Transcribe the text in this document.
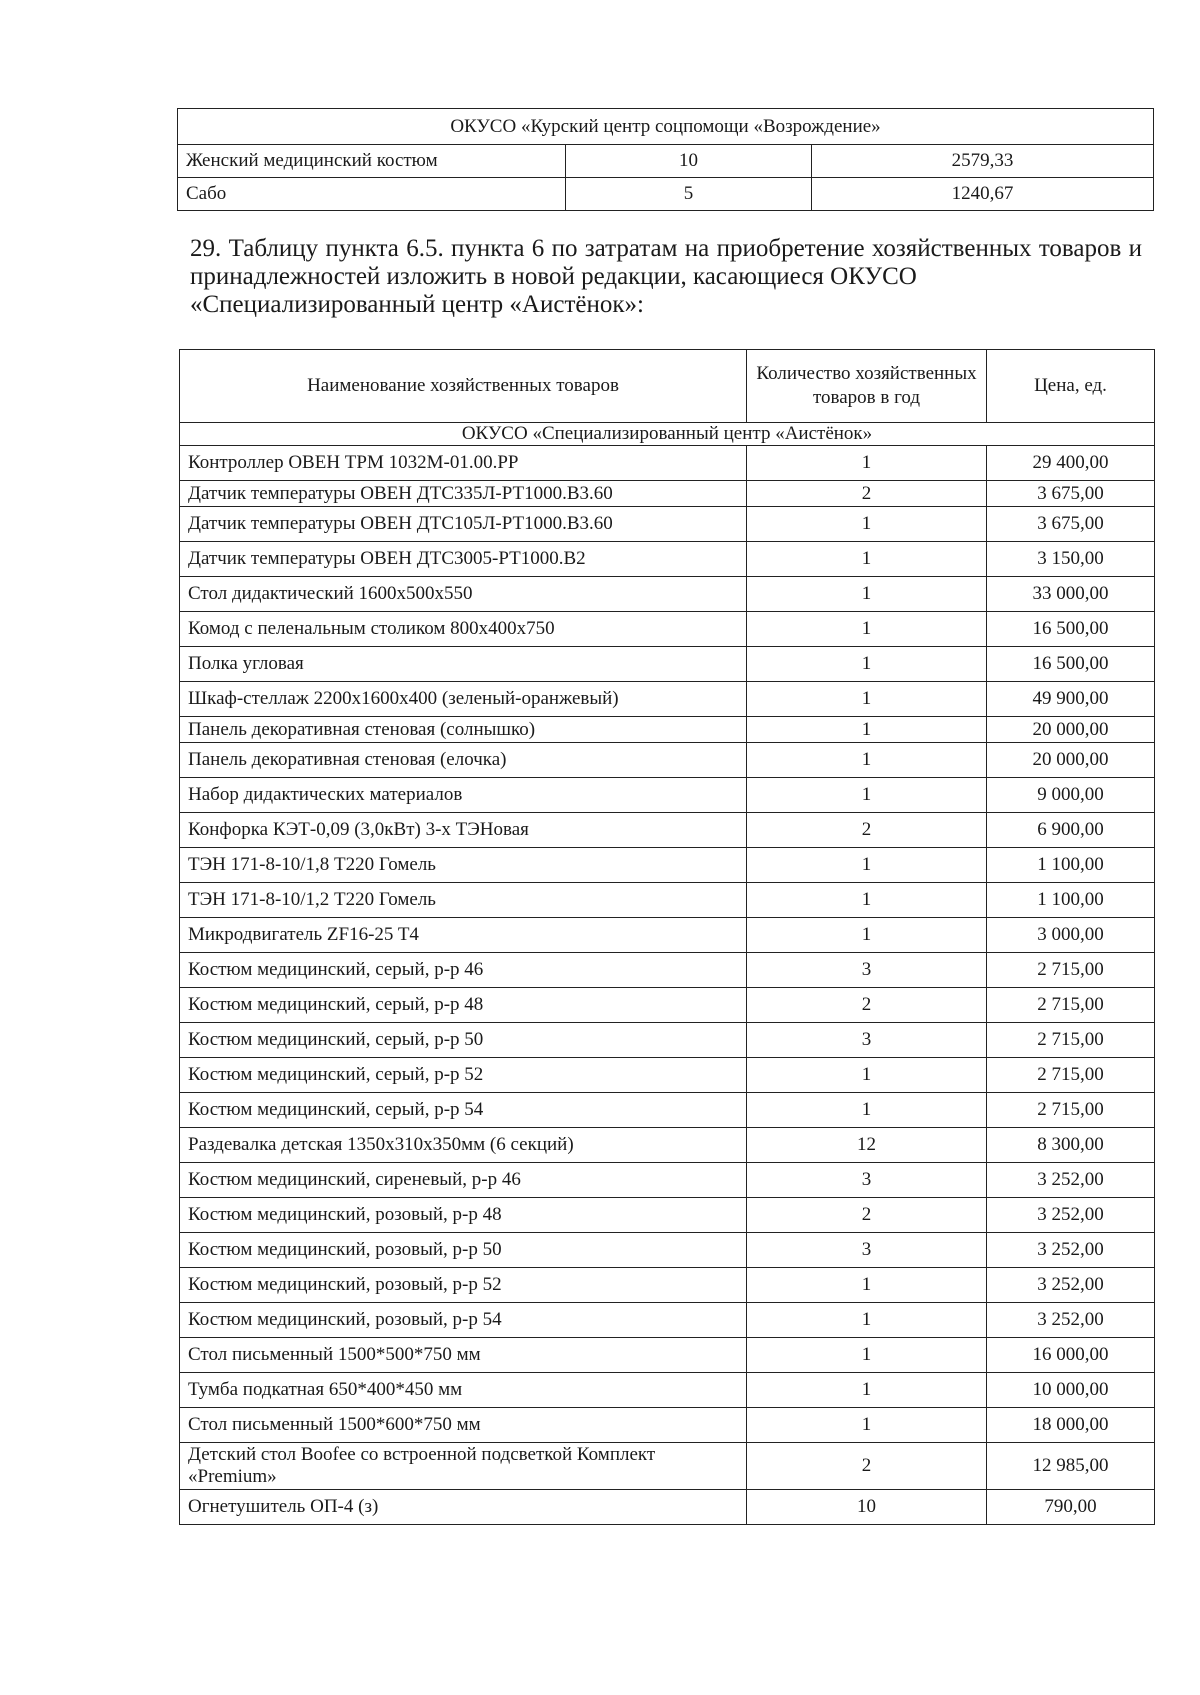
ОКУСО «Курский центр соцпомощи «Возрождение»		
Женский медицинский костюм	10	2579,33
Сабо	5	1240,67

29. Таблицу пункта 6.5. пункта 6 по затратам на приобретение хозяйственных товаров и принадлежностей изложить в новой редакции, касающиеся ОКУСО
«Специализированный центр «Аистёнок»:

Наименование хозяйственных товаров	Количество хозяйственных товаров в год	Цена, ед.
ОКУСО «Специализированный центр «Аистёнок»		
Контроллер ОВЕН ТРМ 1032М-01.00.РР	1	29 400,00
Датчик температуры ОВЕН ДТС335Л-РТ1000.В3.60	2	3 675,00
Датчик температуры ОВЕН ДТС105Л-РТ1000.В3.60	1	3 675,00
Датчик температуры ОВЕН ДТС3005-РТ1000.В2	1	3 150,00
Стол дидактический 1600х500х550	1	33 000,00
Комод с пеленальным столиком 800х400х750	1	16 500,00
Полка угловая	1	16 500,00
Шкаф-стеллаж 2200х1600х400 (зеленый-оранжевый)	1	49 900,00
Панель декоративная стеновая (солнышко)	1	20 000,00
Панель декоративная стеновая (елочка)	1	20 000,00
Набор дидактических материалов	1	9 000,00
Конфорка КЭТ-0,09 (3,0кВт) 3-х ТЭНовая	2	6 900,00
ТЭН 171-8-10/1,8 Т220 Гомель	1	1 100,00
ТЭН 171-8-10/1,2 Т220 Гомель	1	1 100,00
Микродвигатель ZF16-25 T4	1	3 000,00
Костюм медицинский, серый, р-р 46	3	2 715,00
Костюм медицинский, серый, р-р 48	2	2 715,00
Костюм медицинский, серый, р-р 50	3	2 715,00
Костюм медицинский, серый, р-р 52	1	2 715,00
Костюм медицинский, серый, р-р 54	1	2 715,00
Раздевалка детская 1350х310х350мм (6 секций)	12	8 300,00
Костюм медицинский, сиреневый, р-р 46	3	3 252,00
Костюм медицинский, розовый, р-р 48	2	3 252,00
Костюм медицинский, розовый, р-р 50	3	3 252,00
Костюм медицинский, розовый, р-р 52	1	3 252,00
Костюм медицинский, розовый, р-р 54	1	3 252,00
Стол письменный 1500*500*750 мм	1	16 000,00
Тумба подкатная 650*400*450 мм	1	10 000,00
Стол письменный 1500*600*750 мм	1	18 000,00
Детский стол Boofee со встроенной подсветкой Комплект «Premium»	2	12 985,00
Огнетушитель ОП-4 (з)	10	790,00
